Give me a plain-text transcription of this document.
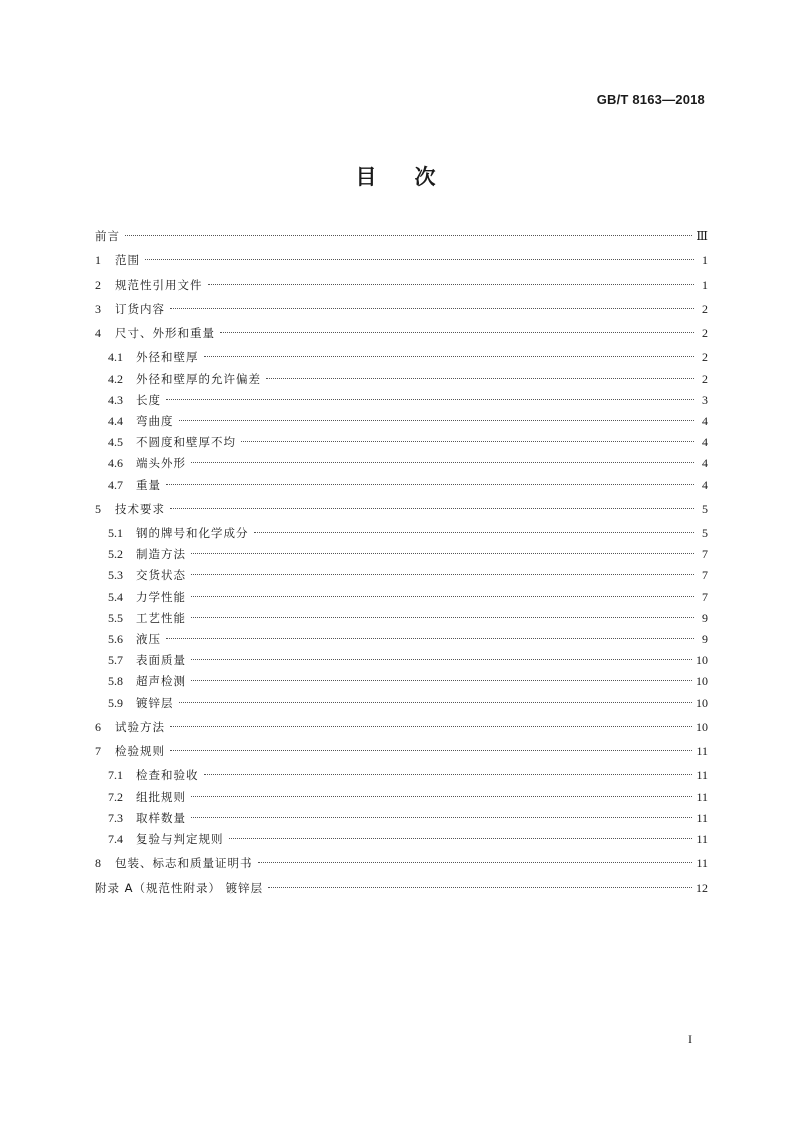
GB/T 8163—2018
目 次
前言	Ⅲ
1	范围	1
2	规范性引用文件	1
3	订货内容	2
4	尺寸、外形和重量	2
4.1	外径和壁厚	2
4.2	外径和壁厚的允许偏差	2
4.3	长度	3
4.4	弯曲度	4
4.5	不圆度和壁厚不均	4
4.6	端头外形	4
4.7	重量	4
5	技术要求	5
5.1	钢的牌号和化学成分	5
5.2	制造方法	7
5.3	交货状态	7
5.4	力学性能	7
5.5	工艺性能	9
5.6	液压	9
5.7	表面质量	10
5.8	超声检测	10
5.9	镀锌层	10
6	试验方法	10
7	检验规则	11
7.1	检查和验收	11
7.2	组批规则	11
7.3	取样数量	11
7.4	复验与判定规则	11
8	包装、标志和质量证明书	11
附录 A（规范性附录） 镀锌层	12
I
